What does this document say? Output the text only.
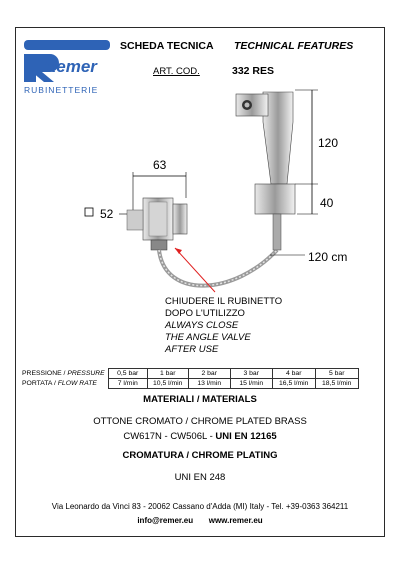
Remer
RUBINETTERIE
SCHEDA TECNICA TECHNICAL FEATURES
ART. COD.	332 RES
63
52
120
40
120 cm
CHIUDERE IL RUBINETTO
DOPO L'UTILIZZO
ALWAYS CLOSE
THE ANGLE VALVE
AFTER USE
PRESSIONE / PRESSURE	0,5 bar	1 bar	2 bar	3 bar	4 bar	5 bar
PORTATA / FLOW RATE	7 l/min	10,5 l/min	13 l/min	15 l/min	16,5 l/min	18,5 l/min
MATERIALI / MATERIALS
OTTONE CROMATO / CHROME PLATED BRASS
CW617N - CW506L - UNI EN 12165
CROMATURA / CHROME PLATING
UNI EN 248
Via Leonardo da Vinci 83 - 20062 Cassano d'Adda (MI) Italy - Tel. +39-0363 364211
info@remer.eu www.remer.eu
